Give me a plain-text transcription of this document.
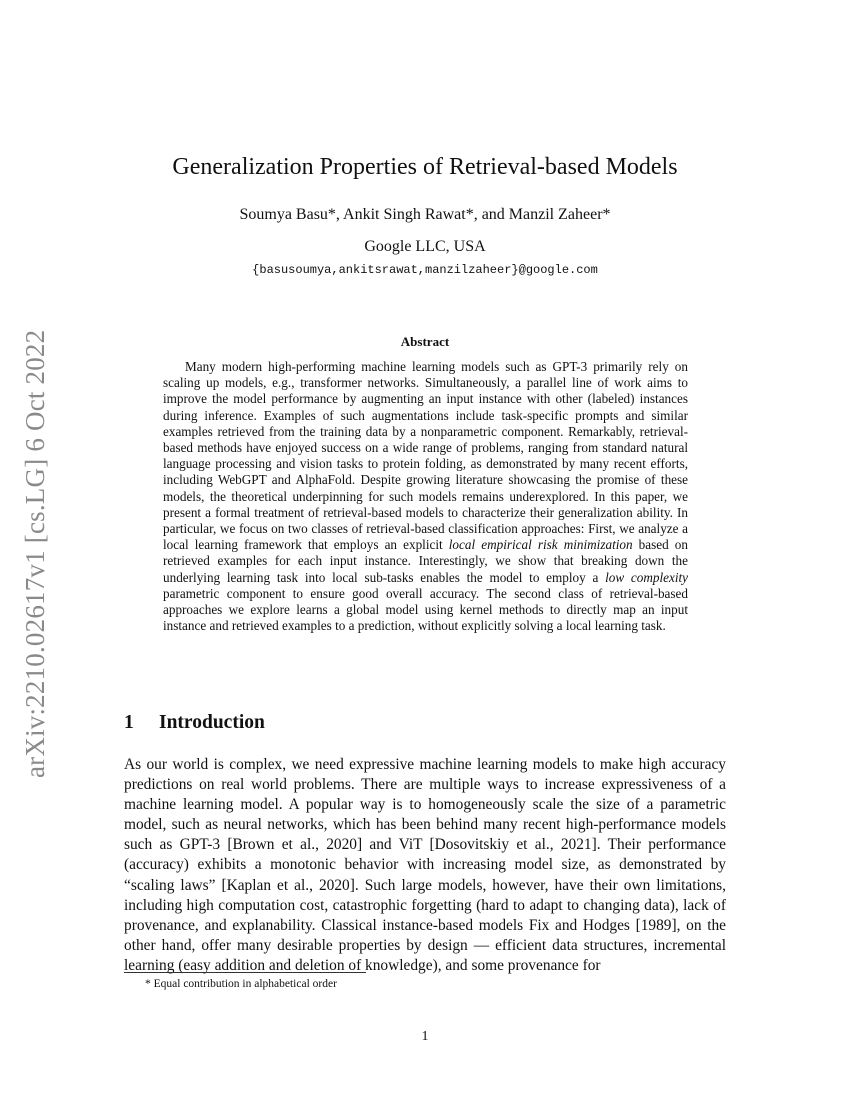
arXiv:2210.02617v1 [cs.LG] 6 Oct 2022
Generalization Properties of Retrieval-based Models
Soumya Basu*, Ankit Singh Rawat*, and Manzil Zaheer*
Google LLC, USA
{basusoumya,ankitsrawat,manzilzaheer}@google.com
Abstract

Many modern high-performing machine learning models such as GPT-3 primarily rely on scaling up models, e.g., transformer networks. Simultaneously, a parallel line of work aims to improve the model performance by augmenting an input instance with other (labeled) instances during inference. Examples of such augmentations include task-specific prompts and similar examples retrieved from the training data by a nonparametric component. Remarkably, retrieval-based methods have enjoyed success on a wide range of problems, ranging from standard natural language processing and vision tasks to protein folding, as demonstrated by many recent efforts, including WebGPT and AlphaFold. Despite growing literature showcasing the promise of these models, the theoretical underpinning for such models remains underexplored. In this paper, we present a formal treatment of retrieval-based models to characterize their generalization ability. In particular, we focus on two classes of retrieval-based classification approaches: First, we analyze a local learning framework that employs an explicit local empirical risk minimization based on retrieved examples for each input instance. Interestingly, we show that breaking down the underlying learning task into local sub-tasks enables the model to employ a low complexity parametric component to ensure good overall accuracy. The second class of retrieval-based approaches we explore learns a global model using kernel methods to directly map an input instance and retrieved examples to a prediction, without explicitly solving a local learning task.

1 Introduction

As our world is complex, we need expressive machine learning models to make high accuracy predictions on real world problems. There are multiple ways to increase expressiveness of a machine learning model. A popular way is to homogeneously scale the size of a parametric model, such as neural networks, which has been behind many recent high-performance models such as GPT-3 [Brown et al., 2020] and ViT [Dosovitskiy et al., 2021]. Their performance (accuracy) exhibits a monotonic behavior with increasing model size, as demonstrated by “scaling laws” [Kaplan et al., 2020]. Such large models, however, have their own limitations, including high computation cost, catastrophic forgetting (hard to adapt to changing data), lack of provenance, and explanability. Classical instance-based models Fix and Hodges [1989], on the other hand, offer many desirable properties by design — efficient data structures, incremental learning (easy addition and deletion of knowledge), and some provenance for

* Equal contribution in alphabetical order
1
